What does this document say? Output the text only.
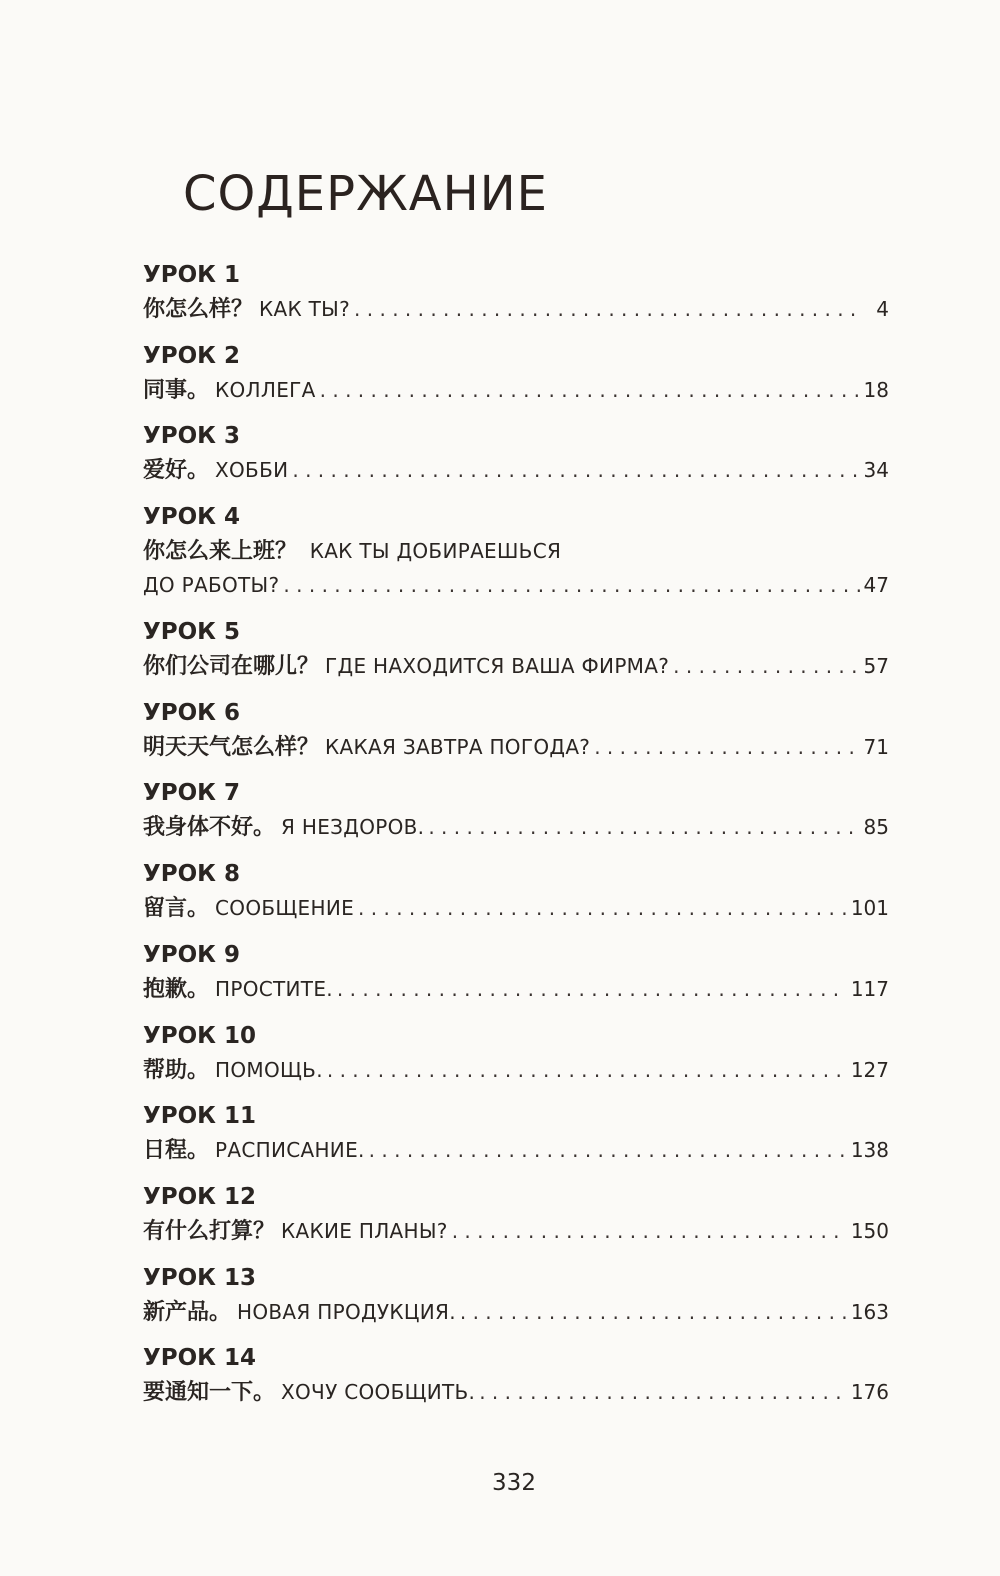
СОДЕРЖАНИЕ
УРОК 1
你怎么样？ КАК ТЫ? . . .	4
УРОК 2
同事。 КОЛЛЕГА . . .	18
УРОК 3
爱好。 ХОББИ . . .	34
УРОК 4
你怎么来上班？ КАК ТЫ ДОБИРАЕШЬСЯ
ДО РАБОТЫ? . . .	47
УРОК 5
你们公司在哪儿？ ГДЕ НАХОДИТСЯ ВАША ФИРМА? . . .	57
УРОК 6
明天天气怎么样？ КАКАЯ ЗАВТРА ПОГОДА? . . .	71
УРОК 7
我身体不好。 Я НЕЗДОРОВ. . . .	85
УРОК 8
留言。 СООБЩЕНИЕ . . .	101
УРОК 9
抱歉。 ПРОСТИТЕ. . . .	117
УРОК 10
帮助。 ПОМОЩЬ. . . .	127
УРОК 11
日程。 РАСПИСАНИЕ. . . .	138
УРОК 12
有什么打算？ КАКИЕ ПЛАНЫ? . . .	150
УРОК 13
新产品。 НОВАЯ ПРОДУКЦИЯ. . . .	163
УРОК 14
要通知一下。 ХОЧУ СООБЩИТЬ. . . .	176
332
